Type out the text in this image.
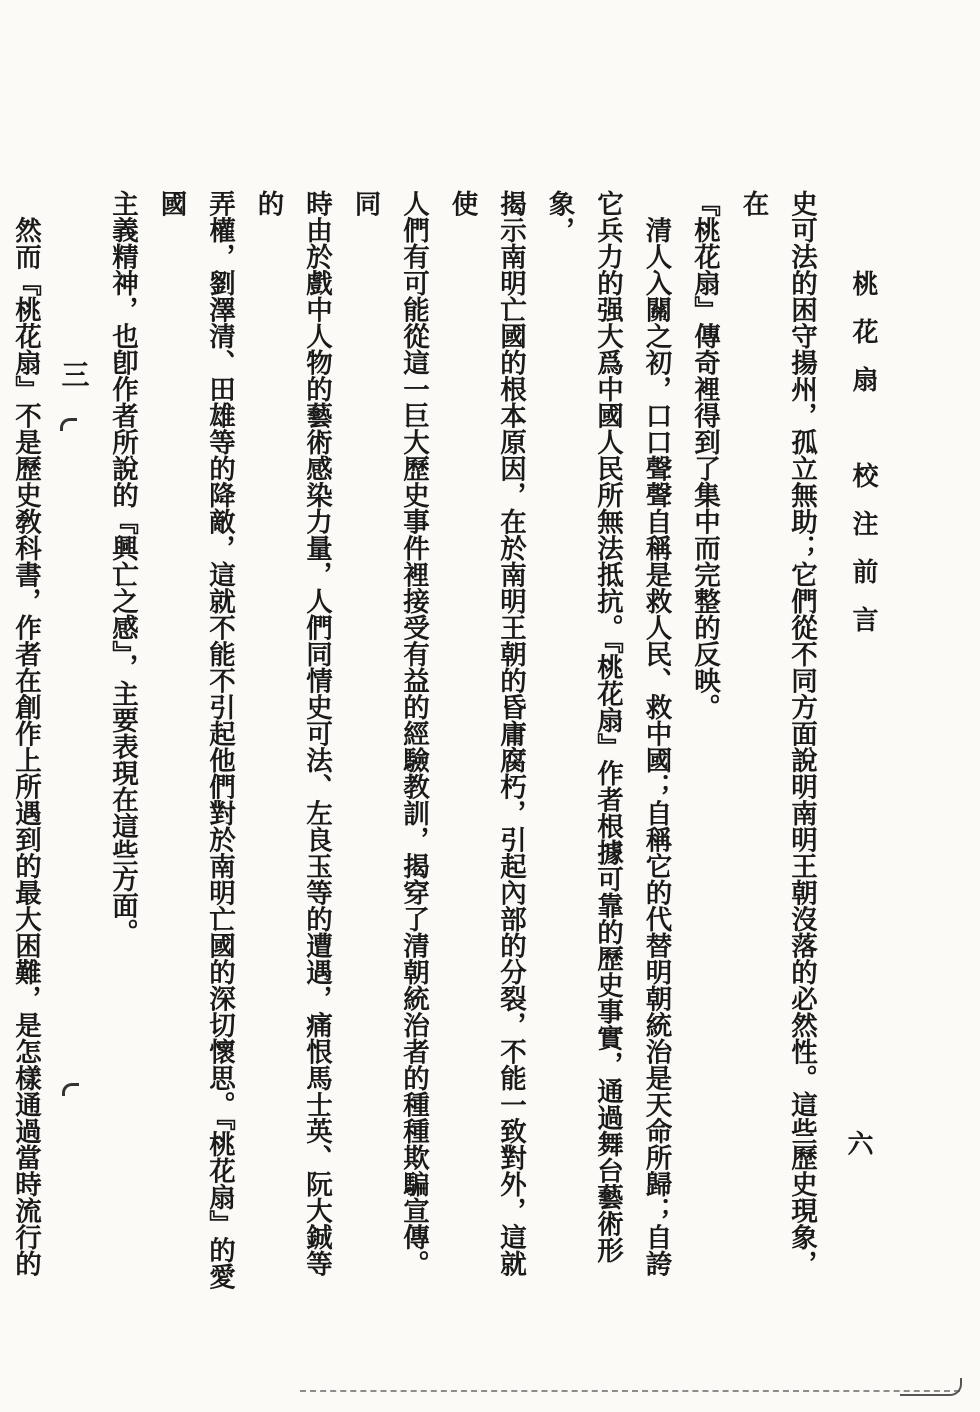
桃花扇　校注前言
六

史可法的困守揚州，孤立無助；它們從不同方面說明南明王朝沒落的必然性。這些歷史現象，在

『桃花扇』傳奇裡得到了集中而完整的反映。

　清人入關之初，口口聲聲自稱是救人民、救中國；自稱它的代替明朝統治是天命所歸；自誇

它兵力的强大爲中國人民所無法抵抗。『桃花扇』作者根據可靠的歷史事實，通過舞台藝術形象，

揭示南明亡國的根本原因，在於南明王朝的昏庸腐朽，引起內部的分裂，不能一致對外，這就使

人們有可能從這一巨大歷史事件裡接受有益的經驗教訓，揭穿了清朝統治者的種種欺騙宣傳。同

時由於戲中人物的藝術感染力量，人們同情史可法、左良玉等的遭遇，痛恨馬士英、阮大鋮等的

弄權，劉澤清、田雄等的降敵，這就不能不引起他們對於南明亡國的深切懷思。『桃花扇』的愛國

主義精神，也卽作者所說的『興亡之感』，主要表現在這些方面。

三

　然而『桃花扇』不是歷史敎科書，作者在創作上所遇到的最大困難，是怎樣通過當時流行的
